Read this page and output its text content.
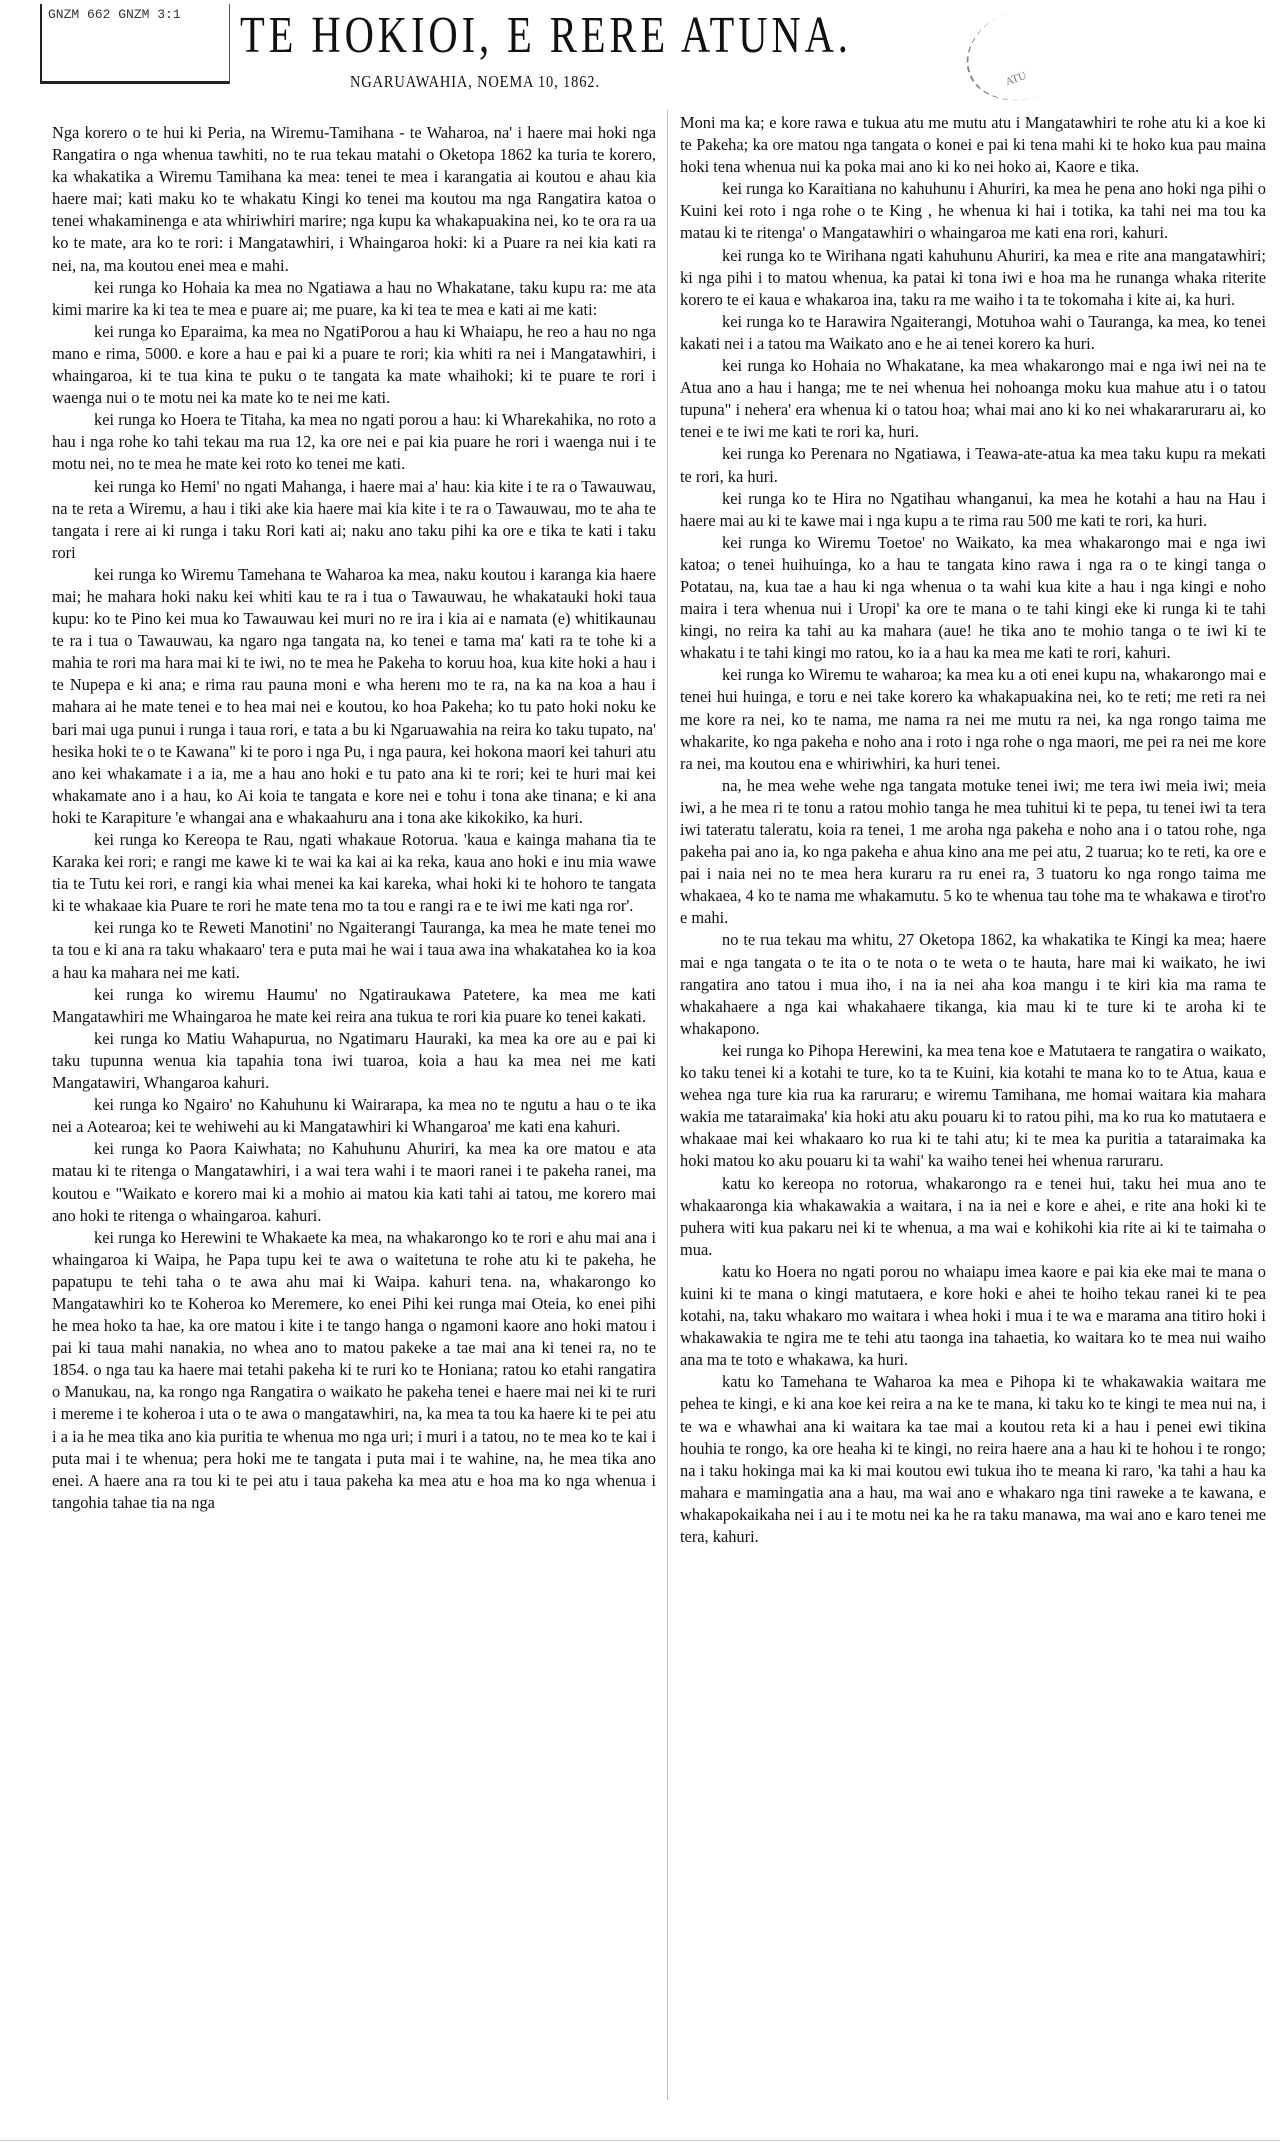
GNZM 662 GNZM 3:1
ATU
TE HOKIOI, E RERE ATUNA.
NGARUAWAHIA, NOEMA 10, 1862.

Nga korero o te hui ki Peria, na Wiremu-Tamihana - te Waharoa, na' i haere mai hoki nga Rangatira o nga whenua tawhiti, no te rua tekau matahi o Oketopa 1862 ka turia te korero, ka whakatika a Wiremu Tamihana ka mea: tenei te mea i karangatia ai koutou e ahau kia haere mai; kati maku ko te whakatu Kingi ko tenei ma koutou ma nga Rangatira katoa o tenei whakaminenga e ata whiriwhiri marire; nga kupu ka whakapuakina nei, ko te ora ra ua ko te mate, ara ko te rori: i Mangatawhiri, i Whaingaroa hoki: ki a Puare ra nei kia kati ra nei, na, ma koutou enei mea e mahi.

kei runga ko Hohaia ka mea no Ngatiawa a hau no Whakatane, taku kupu ra: me ata kimi marire ka ki tea te mea e puare ai; me puare, ka ki tea te mea e kati ai me kati:

kei runga ko Eparaima, ka mea no NgatiPorou a hau ki Whaiapu, he reo a hau no nga mano e rima, 5000. e kore a hau e pai ki a puare te rori; kia whiti ra nei i Mangatawhiri, i whaingaroa, ki te tua kina te puku o te tangata ka mate whaihoki; ki te puare te rori i waenga nui o te motu nei ka mate ko te nei me kati.

kei runga ko Hoera te Titaha, ka mea no ngati porou a hau: ki Wharekahika, no roto a hau i nga rohe ko tahi tekau ma rua 12, ka ore nei e pai kia puare he rori i waenga nui i te motu nei, no te mea he mate kei roto ko tenei me kati.

kei runga ko Hemi' no ngati Mahanga, i haere mai a' hau: kia kite i te ra o Tawauwau, na te reta a Wiremu, a hau i tiki ake kia haere mai kia kite i te ra o Tawauwau, mo te aha te tangata i rere ai ki runga i taku Rori kati ai; naku ano taku pihi ka ore e tika te kati i taku rori

kei runga ko Wiremu Tamehana te Waharoa ka mea, naku koutou i karanga kia haere mai; he mahara hoki naku kei whiti kau te ra i tua o Tawauwau, he whakatauki hoki taua kupu: ko te Pino kei mua ko Tawauwau kei muri no re ira i kia ai e namata (e) whitikaunau te ra i tua o Tawauwau, ka ngaro nga tangata na, ko tenei e tama ma' kati ra te tohe ki a mahia te rori ma hara mai ki te iwi, no te mea he Pakeha to koruu hoa, kua kite hoki a hau i te Nupepa e ki ana; e rima rau pauna moni e wha herenı mo te ra, na ka na koa a hau i mahara ai he mate tenei e to hea mai nei e koutou, ko hoa Pakeha; ko tu pato hoki noku ke bari mai uga punui i runga i taua rori, e tata a bu ki Ngaruawahia na reira ko taku tupato, na' hesika hoki te o te Kawana" ki te poro i nga Pu, i nga paura, kei hokona maori kei tahuri atu ano kei whakamate i a ia, me a hau ano hoki e tu pato ana ki te rori; kei te huri mai kei whakamate ano i a hau, ko Ai koia te tangata e kore nei e tohu i tona ake tinana; e ki ana hoki te Karapiture 'e whangai ana e whakaahuru ana i tona ake kikokiko, ka huri.

kei runga ko Kereopa te Rau, ngati whakaue Rotorua. 'kaua e kainga mahana tia te Karaka kei rori; e rangi me kawe ki te wai ka kai ai ka reka, kaua ano hoki e inu mia wawe tia te Tutu kei rori, e rangi kia whai menei ka kai kareka, whai hoki ki te hohoro te tangata ki te whakaae kia Puare te rori he mate tena mo ta tou e rangi ra e te iwi me kati nga ror'.

kei runga ko te Reweti Manotini' no Ngaiterangi Tauranga, ka mea he mate tenei mo ta tou e ki ana ra taku whakaaro' tera e puta mai he wai i taua awa ina whakatahea ko ia koa a hau ka mahara nei me kati.

kei runga ko wiremu Haumu' no Ngatiraukawa Patetere, ka mea me kati Mangatawhiri me Whaingaroa he mate kei reira ana tukua te rori kia puare ko tenei kakati.

kei runga ko Matiu Wahapurua, no Ngatimaru Hauraki, ka mea ka ore au e pai ki taku tupunna wenua kia tapahia tona iwi tuaroa, koia a hau ka mea nei me kati Mangatawiri, Whangaroa kahuri.

kei runga ko Ngairo' no Kahuhunu ki Wairarapa, ka mea no te ngutu a hau o te ika nei a Aotearoa; kei te wehiwehi au ki Mangatawhiri ki Whangaroa' me kati ena kahuri.

kei runga ko Paora Kaiwhata; no Kahuhunu Ahuriri, ka mea ka ore matou e ata matau ki te ritenga o Mangatawhiri, i a wai tera wahi i te maori ranei i te pakeha ranei, ma koutou e "Waikato e korero mai ki a mohio ai matou kia kati tahi ai tatou, me korero mai ano hoki te ritenga o whaingaroa. kahuri.

kei runga ko Herewini te Whakaete ka mea, na whakarongo ko te rori e ahu mai ana i whaingaroa ki Waipa, he Papa tupu kei te awa o waitetuna te rohe atu ki te pakeha, he papatupu te tehi taha o te awa ahu mai ki Waipa. kahuri tena. na, whakarongo ko Mangatawhiri ko te Koheroa ko Meremere, ko enei Pihi kei runga mai Oteia, ko enei pihi he mea hoko ta hae, ka ore matou i kite i te tango hanga o ngamoni kaore ano hoki matou i pai ki taua mahi nanakia, no whea ano to matou pakeke a tae mai ana ki tenei ra, no te 1854. o nga tau ka haere mai tetahi pakeha ki te ruri ko te Honiana; ratou ko etahi rangatira o Manukau, na, ka rongo nga Rangatira o waikato he pakeha tenei e haere mai nei ki te ruri i mereme i te koheroa i uta o te awa o mangatawhiri, na, ka mea ta tou ka haere ki te pei atu i a ia he mea tika ano kia puritia te whenua mo nga uri; i muri i a tatou, no te mea ko te kai i puta mai i te whenua; pera hoki me te tangata i puta mai i te wahine, na, he mea tika ano enei. A haere ana ra tou ki te pei atu i taua pakeha ka mea atu e hoa ma ko nga whenua i tangohia tahae tia na nga

Moni ma ka; e kore rawa e tukua atu me mutu atu i Mangatawhiri te rohe atu ki a koe ki te Pakeha; ka ore matou nga tangata o konei e pai ki tena mahi ki te hoko kua pau maina hoki tena whenua nui ka poka mai ano ki ko nei hoko ai, Kaore e tika.

kei runga ko Karaitiana no kahuhunu i Ahuriri, ka mea he pena ano hoki nga pihi o Kuini kei roto i nga rohe o te King , he whenua ki hai i totika, ka tahi nei ma tou ka matau ki te ritenga' o Mangatawhiri o whaingaroa me kati ena rori, kahuri.

kei runga ko te Wirihana ngati kahuhunu Ahuriri, ka mea e rite ana mangatawhiri; ki nga pihi i to matou whenua, ka patai ki tona iwi e hoa ma he runanga whaka riterite korero te ei kaua e whakaroa ina, taku ra me waiho i ta te tokomaha i kite ai, ka huri.

kei runga ko te Harawira Ngaiterangi, Motuhoa wahi o Tauranga, ka mea, ko tenei kakati nei i a tatou ma Waikato ano e he ai tenei korero ka huri.

kei runga ko Hohaia no Whakatane, ka mea whakarongo mai e nga iwi nei na te Atua ano a hau i hanga; me te nei whenua hei nohoanga moku kua mahue atu i o tatou tupuna" i nehera' era whenua ki o tatou hoa; whai mai ano ki ko nei whakararuraru ai, ko tenei e te iwi me kati te rori ka, huri.

kei runga ko Perenara no Ngatiawa, i Teawa-ate-atua ka mea taku kupu ra mekati te rori, ka huri.

kei runga ko te Hira no Ngatihau whanganui, ka mea he kotahi a hau na Hau i haere mai au ki te kawe mai i nga kupu a te rima rau 500 me kati te rori, ka huri.

kei runga ko Wiremu Toetoe' no Waikato, ka mea whakarongo mai e nga iwi katoa; o tenei huihuinga, ko a hau te tangata kino rawa i nga ra o te kingi tanga o Potatau, na, kua tae a hau ki nga whenua o ta wahi kua kite a hau i nga kingi e noho maira i tera whenua nui i Uropi' ka ore te mana o te tahi kingi eke ki runga ki te tahi kingi, no reira ka tahi au ka mahara (aue! he tika ano te mohio tanga o te iwi ki te whakatu i te tahi kingi mo ratou, ko ia a hau ka mea me kati te rori, kahuri.

kei runga ko Wiremu te waharoa; ka mea ku a oti enei kupu na, whakarongo mai e tenei hui huinga, e toru e nei take korero ka whakapuakina nei, ko te reti; me reti ra nei me kore ra nei, ko te nama, me nama ra nei me mutu ra nei, ka nga rongo taima me whakarite, ko nga pakeha e noho ana i roto i nga rohe o nga maori, me pei ra nei me kore ra nei, ma koutou ena e whiriwhiri, ka huri tenei.

na, he mea wehe wehe nga tangata motuke tenei iwi; me tera iwi meia iwi; meia iwi, a he mea ri te tonu a ratou mohio tanga he mea tuhitui ki te pepa, tu tenei iwi ta tera iwi tateratu taleratu, koia ra tenei, 1 me aroha nga pakeha e noho ana i o tatou rohe, nga pakeha pai ano ia, ko nga pakeha e ahua kino ana me pei atu, 2 tuarua; ko te reti, ka ore e pai i naia nei no te mea hera kuraru ra ru enei ra, 3 tuatoru ko nga rongo taima me whakaea, 4 ko te nama me whakamutu. 5 ko te whenua tau tohe ma te whakawa e tirot'ro e mahi.

no te rua tekau ma whitu, 27 Oketopa 1862, ka whakatika te Kingi ka mea; haere mai e nga tangata o te ita o te nota o te weta o te hauta, hare mai ki waikato, he iwi rangatira ano tatou i mua iho, i na ia nei aha koa mangu i te kiri kia ma rama te whakahaere a nga kai whakahaere tikanga, kia mau ki te ture ki te aroha ki te whakapono.

kei runga ko Pihopa Herewini, ka mea tena koe e Matutaera te rangatira o waikato, ko taku tenei ki a kotahi te ture, ko ta te Kuini, kia kotahi te mana ko to te Atua, kaua e wehea nga ture kia rua ka raruraru; e wiremu Tamihana, me homai waitara kia mahara wakia me tataraimaka' kia hoki atu aku pouaru ki to ratou pihi, ma ko rua ko matutaera e whakaae mai kei whakaaro ko rua ki te tahi atu; ki te mea ka puritia a tataraimaka ka hoki matou ko aku pouaru ki ta wahi' ka waiho tenei hei whenua raruraru.

katu ko kereopa no rotorua, whakarongo ra e tenei hui, taku hei mua ano te whakaaronga kia whakawakia a waitara, i na ia nei e kore e ahei, e rite ana hoki ki te puhera witi kua pakaru nei ki te whenua, a ma wai e kohikohi kia rite ai ki te taimaha o mua.

katu ko Hoera no ngati porou no whaiapu imea kaore e pai kia eke mai te mana o kuini ki te mana o kingi matutaera, e kore hoki e ahei te hoiho tekau ranei ki te pea kotahi, na, taku whakaro mo waitara i whea hoki i mua i te wa e marama ana titiro hoki i whakawakia te ngira me te tehi atu taonga ina tahaetia, ko waitara ko te mea nui waiho ana ma te toto e whakawa, ka huri.

katu ko Tamehana te Waharoa ka mea e Pihopa ki te whakawakia waitara me pehea te kingi, e ki ana koe kei reira a na ke te mana, ki taku ko te kingi te mea nui na, i te wa e whawhai ana ki waitara ka tae mai a koutou reta ki a hau i penei ewi tikina houhia te rongo, ka ore heaha ki te kingi, no reira haere ana a hau ki te hohou i te rongo; na i taku hokinga mai ka ki mai koutou ewi tukua iho te meana ki raro, 'ka tahi a hau ka mahara e mamingatia ana a hau, ma wai ano e whakaro nga tini raweke a te kawana, e whakapokaikaha nei i au i te motu nei ka he ra taku manawa, ma wai ano e karo tenei me tera, kahuri.
